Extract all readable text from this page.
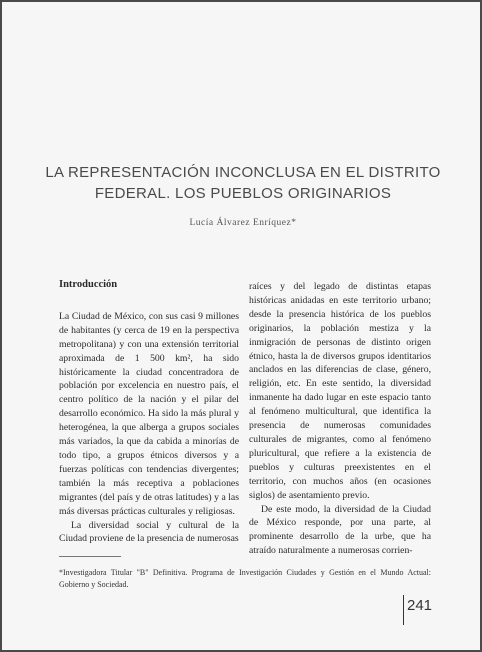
LA REPRESENTACIÓN INCONCLUSA EN EL DISTRITO FEDERAL. LOS PUEBLOS ORIGINARIOS
Lucía Álvarez Enríquez*
Introducción

La Ciudad de México, con sus casi 9 millones de habitantes (y cerca de 19 en la perspectiva metropolitana) y con una extensión territorial aproximada de 1 500 km², ha sido históricamente la ciudad concentradora de población por excelencia en nuestro país, el centro político de la nación y el pilar del desarrollo económico. Ha sido la más plural y heterogénea, la que alberga a grupos sociales más variados, la que da cabida a minorías de todo tipo, a grupos étnicos diversos y a fuerzas políticas con tendencias divergentes; también la más receptiva a poblaciones migrantes (del país y de otras latitudes) y a las más diversas prácticas culturales y religiosas.

La diversidad social y cultural de la Ciudad proviene de la presencia de numerosas

raíces y del legado de distintas etapas históricas anidadas en este territorio urbano; desde la presencia histórica de los pueblos originarios, la población mestiza y la inmigración de personas de distinto origen étnico, hasta la de diversos grupos identitarios anclados en las diferencias de clase, género, religión, etc. En este sentido, la diversidad inmanente ha dado lugar en este espacio tanto al fenómeno multicultural, que identifica la presencia de numerosas comunidades culturales de migrantes, como al fenómeno pluricultural, que refiere a la existencia de pueblos y culturas preexistentes en el territorio, con muchos años (en ocasiones siglos) de asentamiento previo.

De este modo, la diversidad de la Ciudad de México responde, por una parte, al prominente desarrollo de la urbe, que ha atraído naturalmente a numerosas corrien-

*Investigadora Titular "B" Definitiva. Programa de Investigación Ciudades y Gestión en el Mundo Actual: Gobierno y Sociedad.
241
